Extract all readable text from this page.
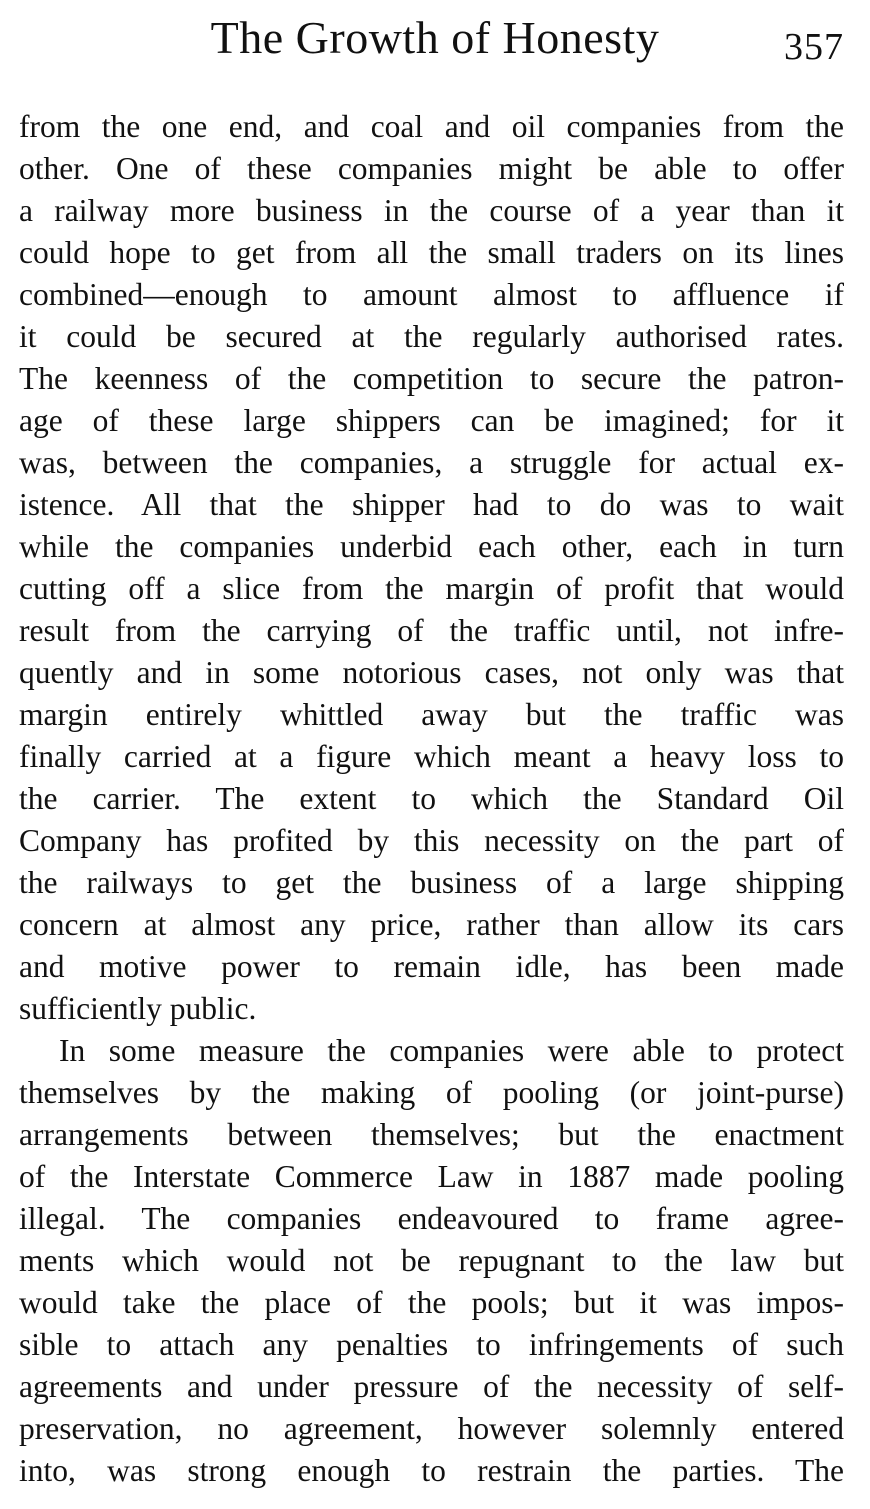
The Growth of Honesty	357
from the one end, and coal and oil companies from the
other. One of these companies might be able to offer
a railway more business in the course of a year than it
could hope to get from all the small traders on its lines
combined—enough to amount almost to affluence if
it could be secured at the regularly authorised rates.
The keenness of the competition to secure the patron-
age of these large shippers can be imagined; for it
was, between the companies, a struggle for actual ex-
istence. All that the shipper had to do was to wait
while the companies underbid each other, each in turn
cutting off a slice from the margin of profit that would
result from the carrying of the traffic until, not infre-
quently and in some notorious cases, not only was that
margin entirely whittled away but the traffic was
finally carried at a figure which meant a heavy loss to
the carrier. The extent to which the Standard Oil
Company has profited by this necessity on the part of
the railways to get the business of a large shipping
concern at almost any price, rather than allow its cars
and motive power to remain idle, has been made
sufficiently public.
In some measure the companies were able to protect
themselves by the making of pooling (or joint-purse)
arrangements between themselves; but the enactment
of the Interstate Commerce Law in 1887 made pooling
illegal. The companies endeavoured to frame agree-
ments which would not be repugnant to the law but
would take the place of the pools; but it was impos-
sible to attach any penalties to infringements of such
agreements and under pressure of the necessity of self-
preservation, no agreement, however solemnly entered
into, was strong enough to restrain the parties. The
